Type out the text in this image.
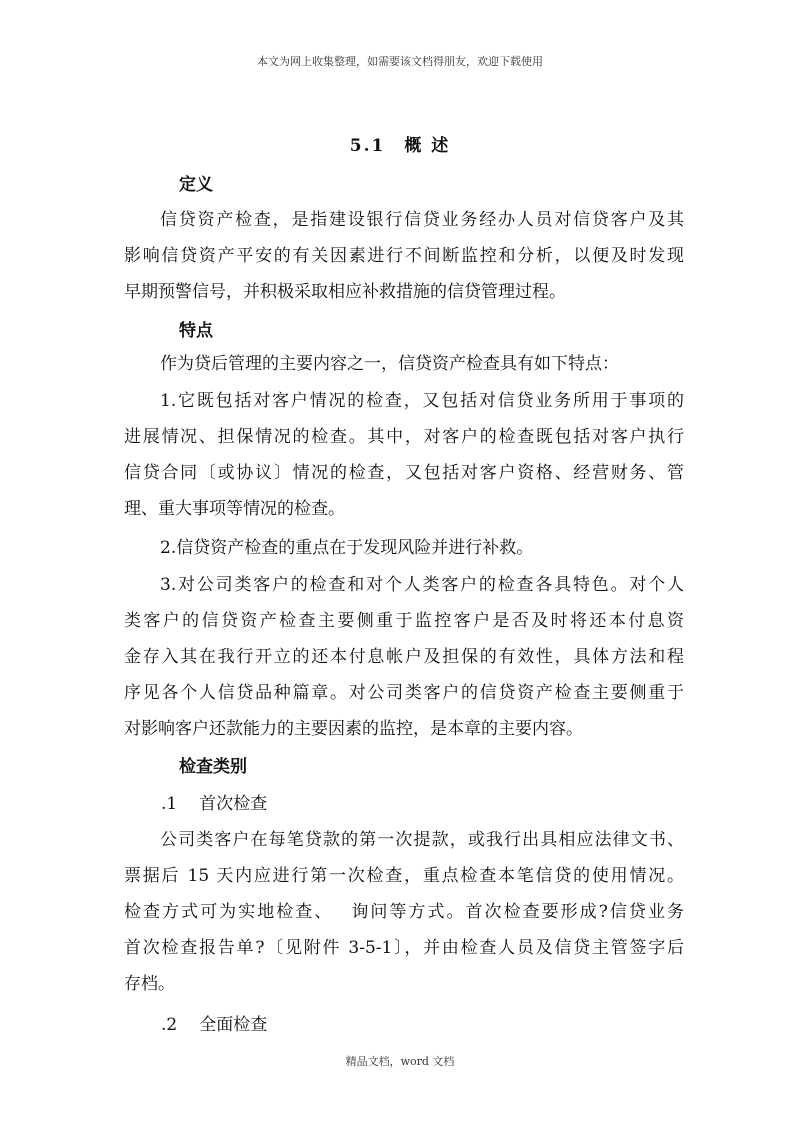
本文为网上收集整理，如需要该文档得朋友，欢迎下载使用
5.1　概 述
定义
信贷资产检查，是指建设银行信贷业务经办人员对信贷客户及其
影响信贷资产平安的有关因素进行不间断监控和分析，以便及时发现
早期预警信号，并积极采取相应补救措施的信贷管理过程。
特点
作为贷后管理的主要内容之一，信贷资产检查具有如下特点：
1.它既包括对客户情况的检查，又包括对信贷业务所用于事项的
进展情况、担保情况的检查。其中，对客户的检查既包括对客户执行
信贷合同〔或协议〕情况的检查，又包括对客户资格、经营财务、管
理、重大事项等情况的检查。
2.信贷资产检查的重点在于发现风险并进行补救。
3.对公司类客户的检查和对个人类客户的检查各具特色。对个人
类客户的信贷资产检查主要侧重于监控客户是否及时将还本付息资
金存入其在我行开立的还本付息帐户及担保的有效性，具体方法和程
序见各个人信贷品种篇章。对公司类客户的信贷资产检查主要侧重于
对影响客户还款能力的主要因素的监控，是本章的主要内容。
检查类别
.1 首次检查
公司类客户在每笔贷款的第一次提款，或我行出具相应法律文书、
票据后 15 天内应进行第一次检查，重点检查本笔信贷的使用情况。
检查方式可为实地检查、　 询问等方式。首次检查要形成?信贷业务
首次检查报告单?〔见附件 3-5-1〕，并由检查人员及信贷主管签字后
存档。
.2 全面检查
精品文档，word 文档
